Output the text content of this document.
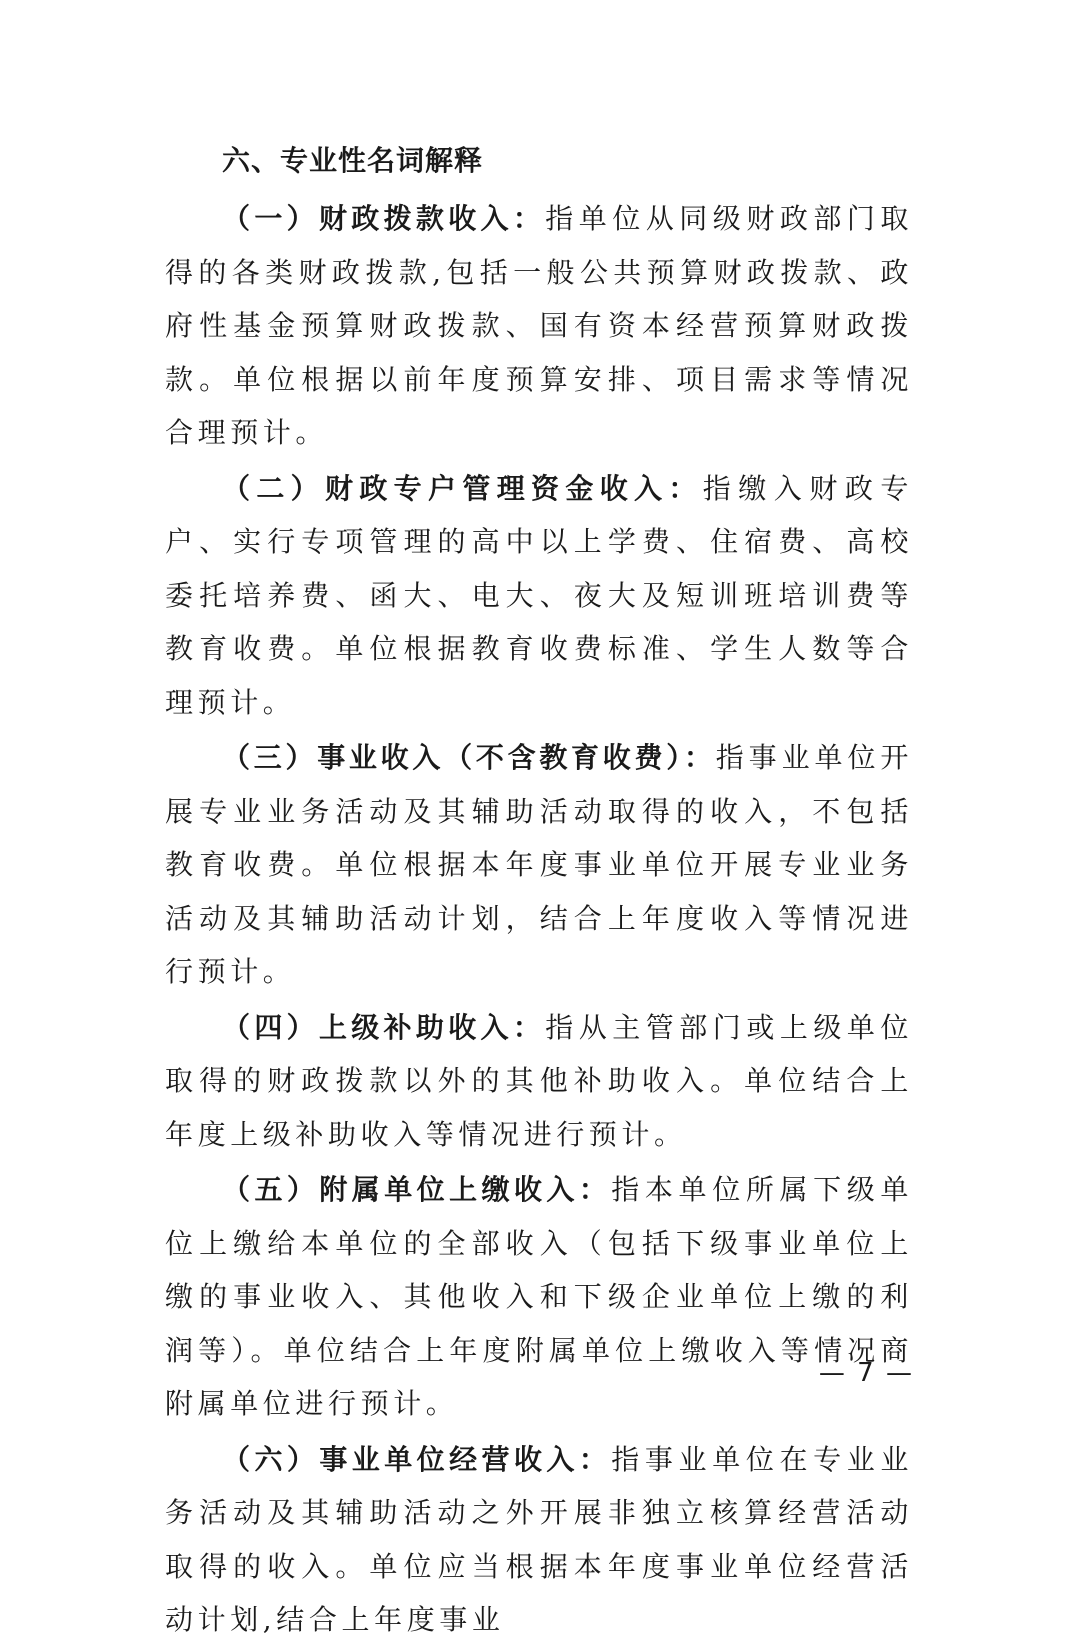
六、专业性名词解释

（一）财政拨款收入：指单位从同级财政部门取得的各类财政拨款,包括一般公共预算财政拨款、政府性基金预算财政拨款、国有资本经营预算财政拨款。单位根据以前年度预算安排、项目需求等情况合理预计。

（二）财政专户管理资金收入：指缴入财政专户、实行专项管理的高中以上学费、住宿费、高校委托培养费、函大、电大、夜大及短训班培训费等教育收费。单位根据教育收费标准、学生人数等合理预计。

（三）事业收入（不含教育收费）：指事业单位开展专业业务活动及其辅助活动取得的收入，不包括教育收费。单位根据本年度事业单位开展专业业务活动及其辅助活动计划，结合上年度收入等情况进行预计。

（四）上级补助收入：指从主管部门或上级单位取得的财政拨款以外的其他补助收入。单位结合上年度上级补助收入等情况进行预计。

（五）附属单位上缴收入：指本单位所属下级单位上缴给本单位的全部收入（包括下级事业单位上缴的事业收入、其他收入和下级企业单位上缴的利润等）。单位结合上年度附属单位上缴收入等情况商附属单位进行预计。

（六）事业单位经营收入：指事业单位在专业业务活动及其辅助活动之外开展非独立核算经营活动取得的收入。单位应当根据本年度事业单位经营活动计划,结合上年度事业

— 7 —
